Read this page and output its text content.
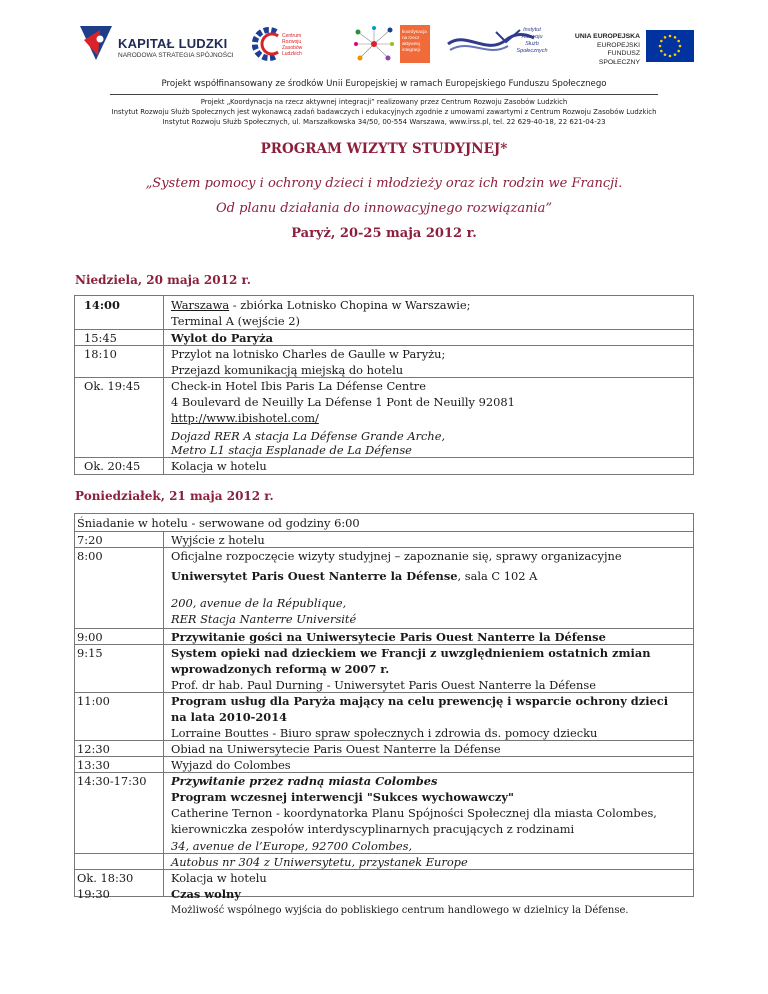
KAPITAŁ LUDZKI
NARODOWA STRATEGIA SPÓJNOŚCI
Centrum Rozwoju Zasobów Ludzkich
koordynacja na rzecz aktywnej integracji
Instytut Rozwoju Służb Społecznych
UNIA EUROPEJSKA
EUROPEJSKI
FUNDUSZ SPOŁECZNY
Projekt współfinansowany ze środków Unii Europejskiej w ramach Europejskiego Funduszu Społecznego
Projekt „Koordynacja na rzecz aktywnej integracji” realizowany przez Centrum Rozwoju Zasobów Ludzkich
Instytut Rozwoju Służb Społecznych jest wykonawcą zadań badawczych i edukacyjnych zgodnie z umowami zawartymi z Centrum Rozwoju Zasobów Ludzkich
Instytut Rozwoju Służb Społecznych, ul. Marszałkowska 34/50, 00-554 Warszawa, www.irss.pl, tel. 22 629-40-18, 22 621-04-23
PROGRAM WIZYTY STUDYJNEJ*
„System pomocy i ochrony dzieci i młodzieży oraz ich rodzin we Francji.
Od planu działania do innowacyjnego rozwiązania”
Paryż, 20-25 maja 2012 r.
Niedziela, 20 maja 2012 r.
14:00	Warszawa - zbiórka Lotnisko Chopina w Warszawie;
Terminal A (wejście 2)
15:45	Wylot do Paryża
18:10	Przylot na lotnisko Charles de Gaulle w Paryżu;
Przejazd komunikacją miejską do hotelu
Ok. 19:45	Check-in Hotel Ibis Paris La Défense Centre
4 Boulevard de Neuilly La Défense 1 Pont de Neuilly 92081
http://www.ibishotel.com/
Dojazd RER A stacja La Défense Grande Arche,
Metro L1 stacja Esplanade de La Défense
Ok. 20:45	Kolacja w hotelu
Poniedziałek, 21 maja 2012 r.
Śniadanie w hotelu - serwowane od godziny 6:00
7:20	Wyjście z hotelu
8:00	Oficjalne rozpoczęcie wizyty studyjnej – zapoznanie się, sprawy organizacyjne
Uniwersytet Paris Ouest Nanterre la Défense, sala C 102 A
200, avenue de la République,
RER Stacja Nanterre Université
9:00	Przywitanie gości na Uniwersytecie Paris Ouest Nanterre la Défense
9:15	System opieki nad dzieckiem we Francji z uwzględnieniem ostatnich zmian
wprowadzonych reformą w 2007 r.
Prof. dr hab. Paul Durning - Uniwersytet Paris Ouest Nanterre la Défense
11:00	Program usług dla Paryża mający na celu prewencję i wsparcie ochrony dzieci
na lata 2010-2014
Lorraine Bouttes - Biuro spraw społecznych i zdrowia ds. pomocy dziecku
12:30	Obiad na Uniwersytecie Paris Ouest Nanterre la Défense
13:30	Wyjazd do Colombes
14:30-17:30 Przywitanie przez radną miasta Colombes
Program wczesnej interwencji "Sukces wychowawczy"
Catherine Ternon - koordynatorka Planu Spójności Społecznej dla miasta Colombes,
kierowniczka zespołów interdyscyplinarnych pracujących z rodzinami
34, avenue de l’Europe, 92700 Colombes,
Autobus nr 304 z Uniwersytetu, przystanek Europe
Ok. 18:30	Kolacja w hotelu
19:30	Czas wolny
Możliwość wspólnego wyjścia do pobliskiego centrum handlowego w dzielnicy la Défense.
